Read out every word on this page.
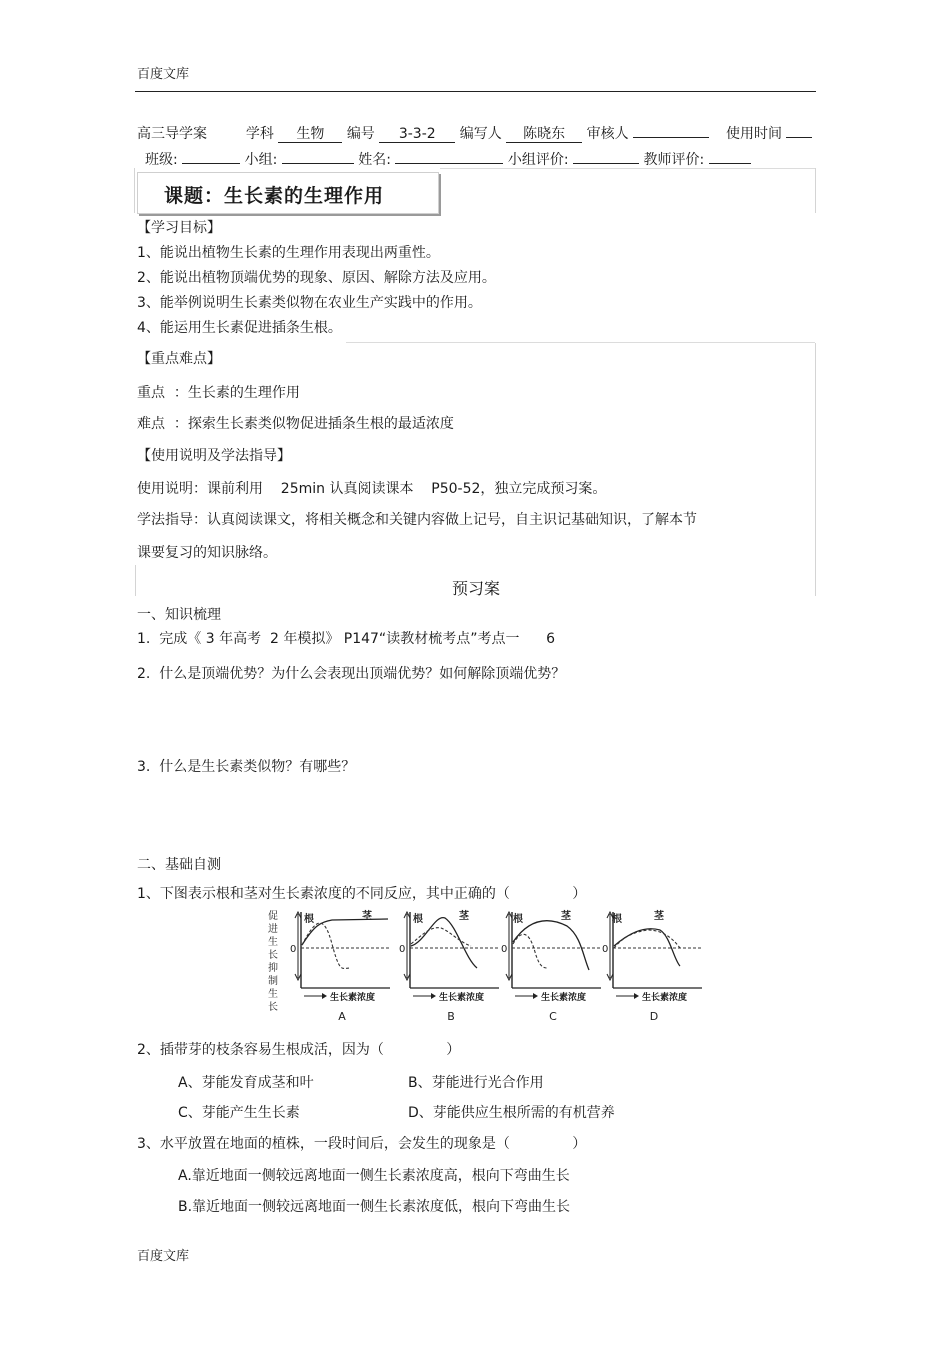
百度文库
高三导学案	学科 生物 编号 3-3-2 编写人 陈晓东 审核人	使用时间
班级:	小组:	姓名:	小组评价:	教师评价:
课题：生长素的生理作用
【学习目标】
1、能说出植物生长素的生理作用表现出两重性。
2、能说出植物顶端优势的现象、原因、解除方法及应用。
3、能举例说明生长素类似物在农业生产实践中的作用。
4、能运用生长素促进插条生根。
【重点难点】
重点  ：生长素的生理作用
难点  ：探索生长素类似物促进插条生根的最适浓度
【使用说明及学法指导】
使用说明：课前利用    25min 认真阅读课本    P50-52，独立完成预习案。
学法指导：认真阅读课文，将相关概念和关键内容做上记号，自主识记基础知识，了解本节
课要复习的知识脉络。
预习案
一、知识梳理
1.  完成《 3 年高考  2 年模拟》 P147“读教材梳考点”考点一      6
2.  什么是顶端优势？为什么会表现出顶端优势？如何解除顶端优势？
3.  什么是生长素类似物？有哪些？
二、基础自测
1、下图表示根和茎对生长素浓度的不同反应，其中正确的（              ）
促
进
生
长
抑
制
生
长
0
根	茎
生长素浓度
A
0
根	茎
生长素浓度
B
0
根	茎
生长素浓度
C
0
根	茎
生长素浓度
D
2、插带芽的枝条容易生根成活，因为（              ）
A、芽能发育成茎和叶	B、芽能进行光合作用
C、芽能产生生长素	D、芽能供应生根所需的有机营养
3、水平放置在地面的植株，一段时间后，会发生的现象是（              ）
A.靠近地面一侧较远离地面一侧生长素浓度高，根向下弯曲生长
B.靠近地面一侧较远离地面一侧生长素浓度低，根向下弯曲生长
百度文库
